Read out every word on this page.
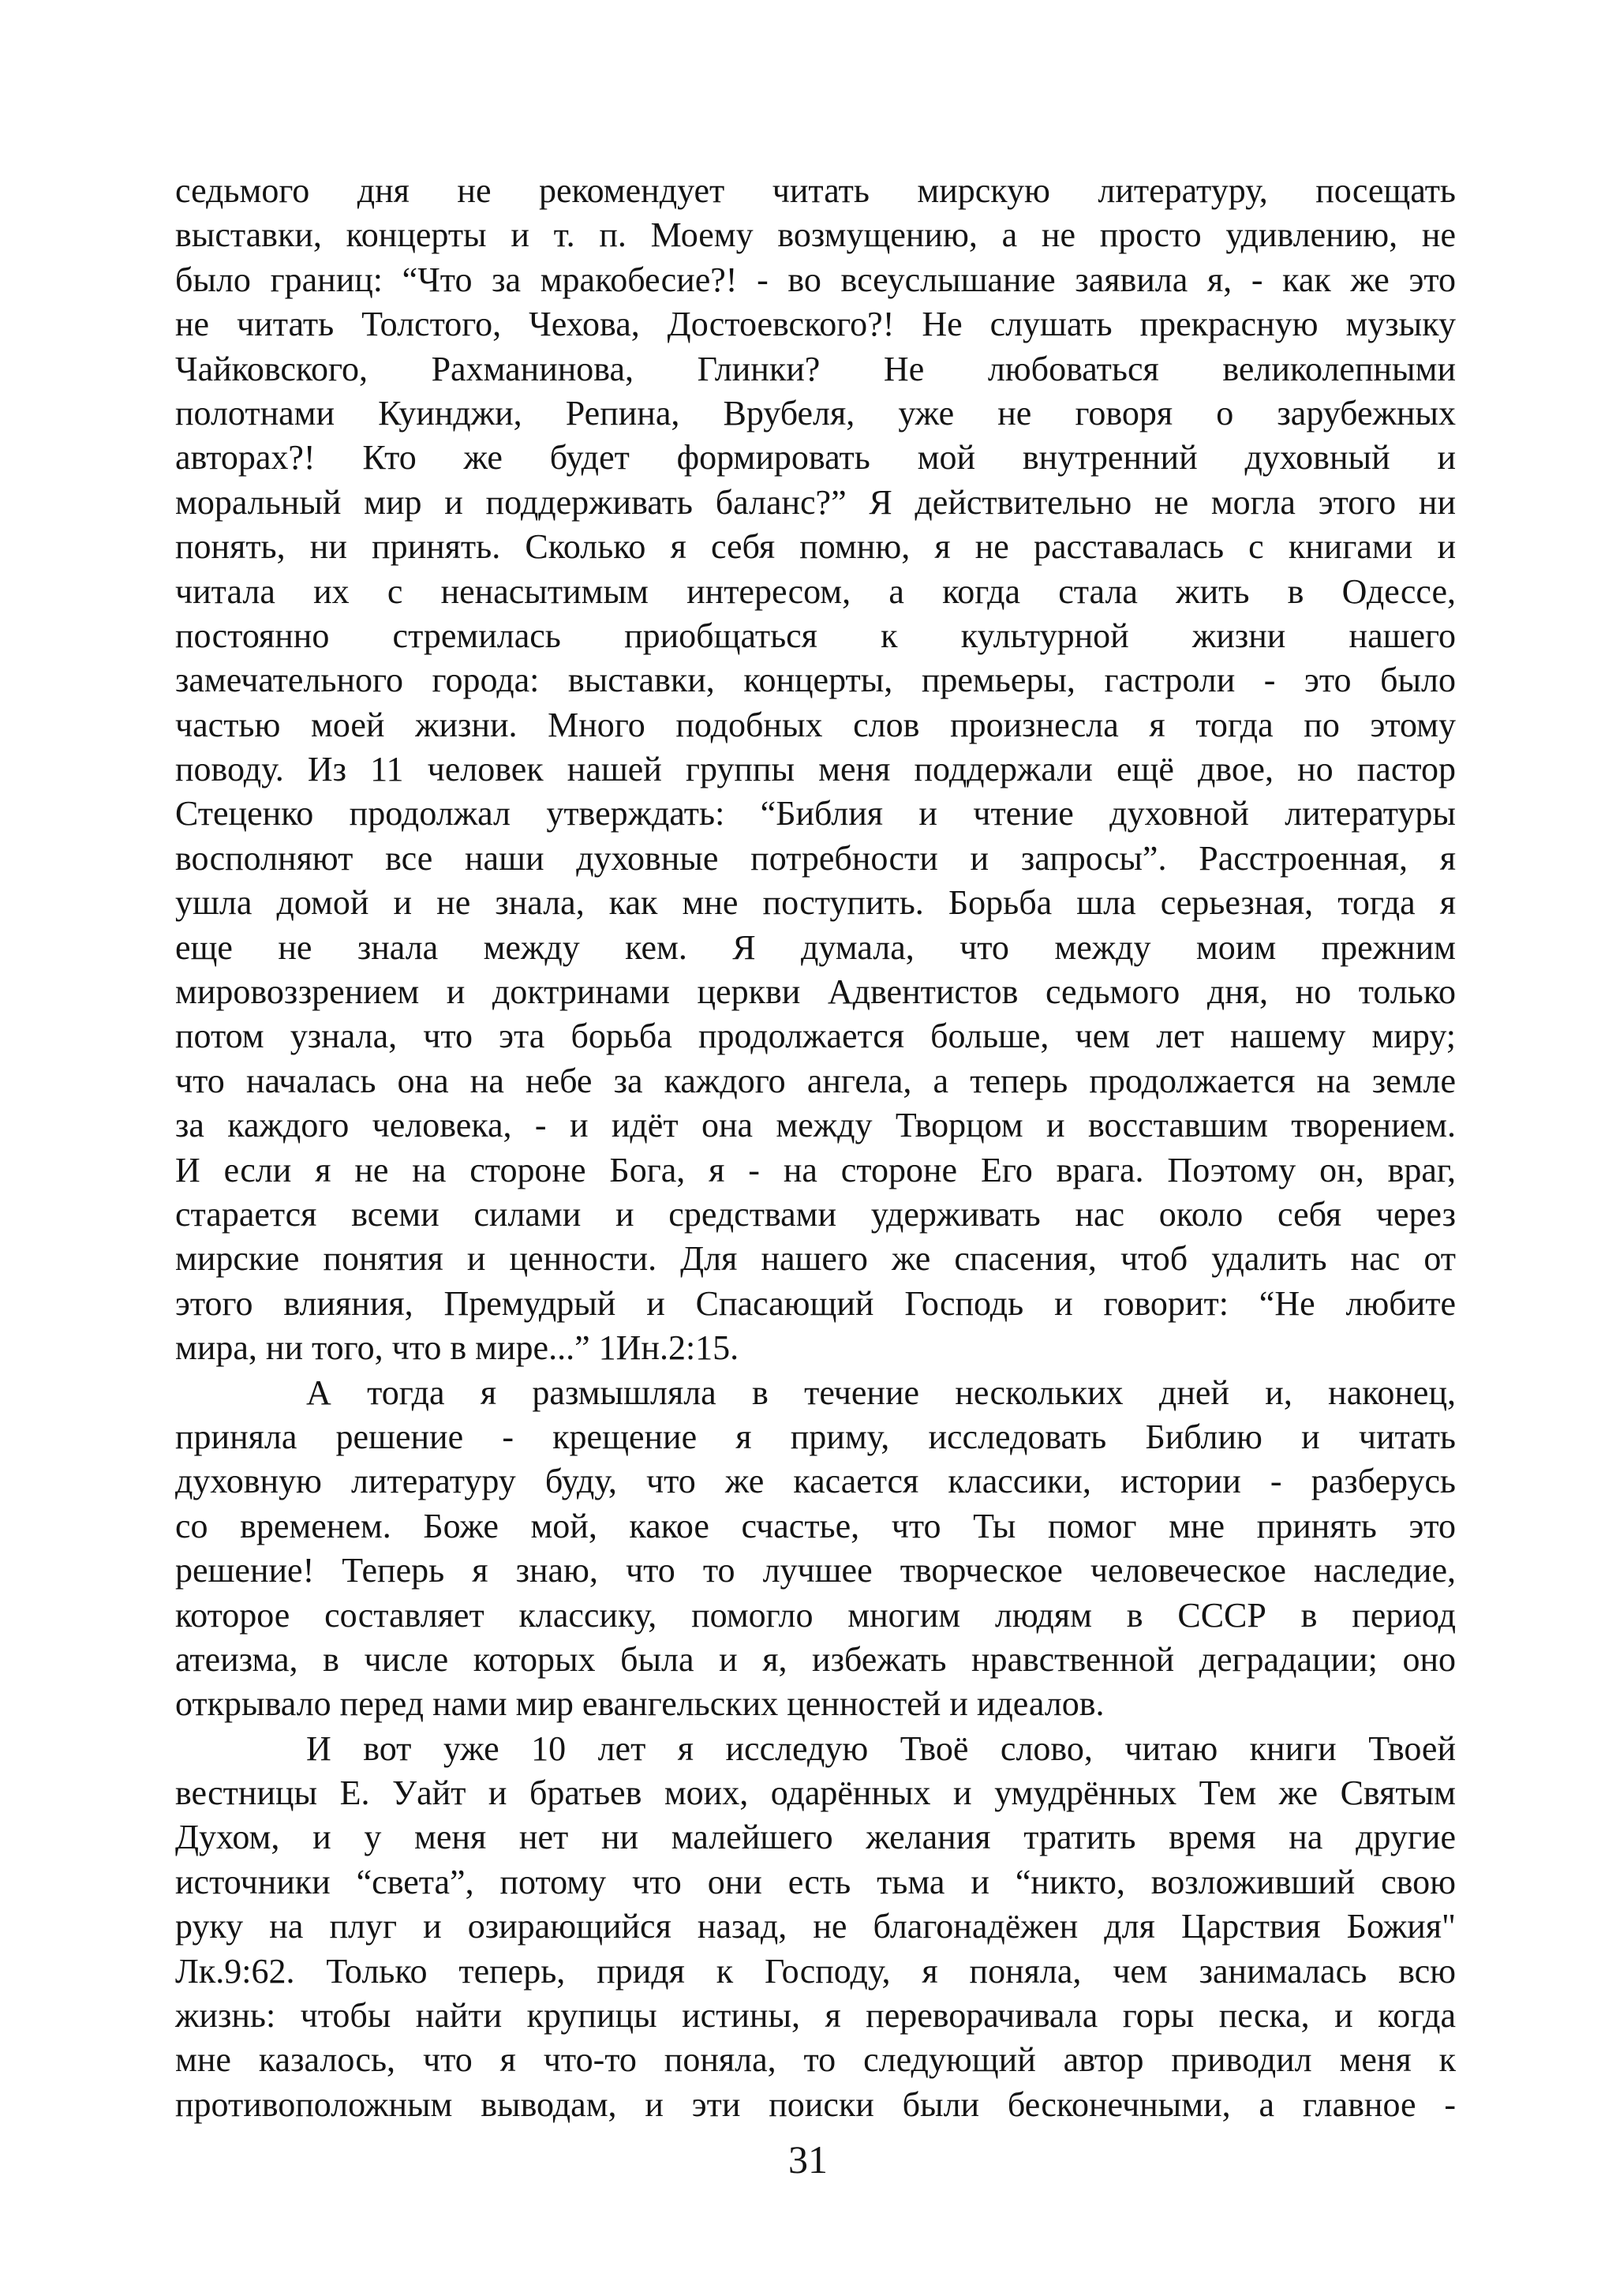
седьмого дня не рекомендует читать мирскую литературу, посещать
выставки, концерты и т. п. Моему возмущению, а не просто удивлению, не
было границ: “Что за мракобесие?! - во всеуслышание заявила я, - как же это
не читать Толстого, Чехова, Достоевского?! Не слушать прекрасную музыку
Чайковского, Рахманинова, Глинки? Не любоваться великолепными
полотнами Куинджи, Репина, Врубеля, уже не говоря о зарубежных
авторах?! Кто же будет формировать мой внутренний духовный и
моральный мир и поддерживать баланс?” Я действительно не могла этого ни
понять, ни принять. Сколько я себя помню, я не расставалась с книгами и
читала их с ненасытимым интересом, а когда стала жить в Одессе,
постоянно стремилась приобщаться к культурной жизни нашего
замечательного города: выставки, концерты, премьеры, гастроли - это было
частью моей жизни. Много подобных слов произнесла я тогда по этому
поводу. Из 11 человек нашей группы меня поддержали ещё двое, но пастор
Стеценко продолжал утверждать: “Библия и чтение духовной литературы
восполняют все наши духовные потребности и запросы”. Расстроенная, я
ушла домой и не знала, как мне поступить. Борьба шла серьезная, тогда я
еще не знала между кем. Я думала, что между моим прежним
мировоззрением и доктринами церкви Адвентистов седьмого дня, но только
потом узнала, что эта борьба продолжается больше, чем лет нашему миру;
что началась она на небе за каждого ангела, а теперь продолжается на земле
за каждого человека, - и идёт она между Творцом и восставшим творением.
И если я не на стороне Бога, я - на стороне Его врага. Поэтому он, враг,
старается всеми силами и средствами удерживать нас около себя через
мирские понятия и ценности. Для нашего же спасения, чтоб удалить нас от
этого влияния, Премудрый и Спасающий Господь и говорит: “Не любите
мира, ни того, что в мире...” 1Ин.2:15.
А тогда я размышляла в течение нескольких дней и, наконец,
приняла решение - крещение я приму, исследовать Библию и читать
духовную литературу буду, что же касается классики, истории - разберусь
со временем. Боже мой, какое счастье, что Ты помог мне принять это
решение! Теперь я знаю, что то лучшее творческое человеческое наследие,
которое составляет классику, помогло многим людям в СССР в период
атеизма, в числе которых была и я, избежать нравственной деградации; оно
открывало перед нами мир евангельских ценностей и идеалов.
И вот уже 10 лет я исследую Твоё слово, читаю книги Твоей
вестницы Е. Уайт и братьев моих, одарённых и умудрённых Тем же Святым
Духом, и у меня нет ни малейшего желания тратить время на другие
источники “света”, потому что они есть тьма и “никто, возложивший свою
руку на плуг и озирающийся назад, не благонадёжен для Царствия Божия"
Лк.9:62. Только теперь, придя к Господу, я поняла, чем занималась всю
жизнь: чтобы найти крупицы истины, я переворачивала горы песка, и когда
мне казалось, что я что-то поняла, то следующий автор приводил меня к
противоположным выводам, и эти поиски были бесконечными, а главное -
31
